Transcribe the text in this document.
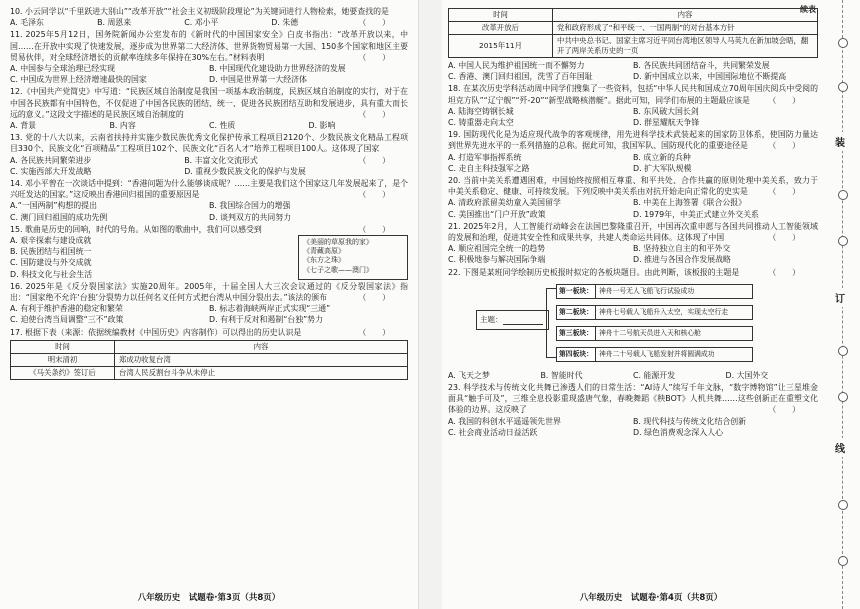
10. 小云同学以“千里跃进大别山”“改革开放”“社会主义初级阶段理论”为关键词进行人物检索，她要查找的是
（　　）
A. 毛泽东	B. 周恩来	C. 邓小平	D. 朱德
11. 2025年5月12日，国务院新闻办公室发布的《新时代的中国国家安全》白皮书指出：“改革开放以来，中国……在开放中实现了快速发展，逐步成为世界第二大经济体、世界货物贸易第一大国、150多个国家和地区主要贸易伙伴，对全球经济增长的贡献率连续多年保持在30%左右。”材料表明	（　　）
A. 中国参与全球治理已经实现	B. 中国现代化建设助力世界经济的发展
C. 中国成为世界上经济增速最快的国家	D. 中国是世界第一大经济体
12.《中国共产党简史》中写道：“民族区域自治制度是我国一项基本政治制度，民族区域自治制度的实行，对于在中国各民族都有中国特色，不仅促进了中国各民族的团结、统一、促进各民族团结互助和发展进步，具有重大而长远的意义。”这段文字描述的是民族区域自治制度的	（　　）
A. 背景	B. 内容	C. 性质	D. 影响
13. 党的十八大以来，云南省扶持并实施少数民族优秀文化保护传承工程项目2120个、少数民族文化精品工程项目330个、民族文化“百项精品”工程项目102个、民族文化“百名人才”培养工程项目100人。这体现了国家
（　　）
A. 各民族共同繁荣进步	B. 丰富文化交流形式
C. 实施西部大开发战略	D. 重视少数民族文化的保护与发展
14. 邓小平曾在一次谈话中提到：“香港问题为什么能够谈成呢？……主要是我们这个国家这几年发展起来了，是个兴旺发达的国家。”这反映出香港回归祖国的重要原因是	（　　）
A.“一国两制”构想的提出	B. 我国综合国力的增强
C. 澳门回归祖国的成功先例	D. 谈判双方的共同努力
15. 歌曲是历史的回响，时代的号角。从如图的歌曲中，我们可以感受到	（　　）
A. 艰辛探索与建设成就
B. 民族团结与祖国统一
C. 国防建设与外交成就
D. 科技文化与社会生活
《美丽的草原我的家》
《青藏高原》
《东方之珠》
《七子之歌——澳门》
16. 2025年是《反分裂国家法》实施20周年。2005年，十届全国人大三次会议通过的《反分裂国家法》指出：“国家绝不允许‘台独’分裂势力以任何名义任何方式把台湾从中国分裂出去。”该法的颁布	（　　）
A. 有利于维护香港的稳定和繁荣	B. 标志着海峡两岸正式实现“三通”
C. 迫使台湾当局调整“三不”政策	D. 有利于反对和遏制“台独”势力
17. 根据下表（来源：依据统编教材《中国历史》内容制作）可以得出的历史认识是	（　　）
时间	内容
明末清初	郑成功收复台湾
《马关条约》签订后	台湾人民反割台斗争从未停止
八年级历史　试题卷·第3页（共8页）
续表
时间	内容
改革开放后	党和政府形成了“和平统一、一国两制”的对台基本方针
2015年11月	中共中央总书记、国家主席习近平同台湾地区领导人马英九在新加坡会晤，翻开了两岸关系历史的一页
A. 中国人民为维护祖国统一而不懈努力	B. 各民族共同团结奋斗，共同繁荣发展
C. 香港、澳门回归祖国，洗雪了百年国耻	D. 新中国成立以来，中国国际地位不断提高
18. 在某次历史学科活动周中同学们搜集了一些资料，包括“中华人民共和国成立70周年国庆阅兵中受阅的坦克方队”“辽宁舰”“歼-20”“新型战略核潜艇”。据此可知，同学们布展的主题最应该是 （　　）
A. 陆海空铸钢长城	B. 东风破大国长剑
C. 铸重器走向太空	D. 群星耀航天争锋
19. 国防现代化是为适应现代战争的客观规律，用先进科学技术武装起来的国家防卫体系，使国防力量达到世界先进水平的一系列措施的总称。据此可知，我国军队、国防现代化的重要途径是	（　　）
A. 打造军事指挥系统	B. 成立新的兵种
C. 走自主科技强军之路	D. 扩大军队规模
20. 当前中美关系遭遇困难，中国始终按照相互尊重、和平共处、合作共赢的原则处理中美关系，致力于中美关系稳定、健康、可持续发展。下列反映中美关系由对抗开始走向正常化的史实是	（　　）
A. 清政府派留美幼童入美国留学	B. 中美在上海签署《联合公报》
C. 美国推出“门户开放”政策	D. 1979年，中美正式建立外交关系
21. 2025年2月，人工智能行动峰会在法国巴黎隆重召开，中国再次重申愿与各国共同推动人工智能领域的发展和治理，促进其安全性和成果共享，共建人类命运共同体。这体现了中国	（　　）
A. 顺应祖国完全统一的趋势	B. 坚持独立自主的和平外交
C. 积极地参与解决国际争端	D. 推进与各国合作发展战略
22. 下图是某班同学绘制历史板报时拟定的各板块题目。由此判断，该板报的主题是	（　　）
主题：
第一板块： 神舟一号无人飞船飞行试验成功
第二板块： 神舟七号载人飞船升入太空，实现太空行走
第三板块： 神舟十二号航天员进入天和核心舱
第四板块： 神舟二十号载人飞船发射并将圆满成功
A. 飞天之梦	B. 智能时代	C. 能源开发	D. 大国外交
23. 科学技术与传统文化共舞已渗透人们的日常生活：“AI诗人”续写千年文脉，“数字博物馆”让三星堆金面具“触手可及”，三维全息投影重现盛唐气象，春晚舞蹈《秧BOT》人机共舞……这些创新正在重塑文化体验的边界。这反映了	（　　）
A. 我国的科创水平遥遥领先世界	B. 现代科技与传统文化结合创新
C. 社会商业活动日益活跃	D. 绿色消费观念深入人心
八年级历史　试题卷·第4页（共8页）
装
订
线
